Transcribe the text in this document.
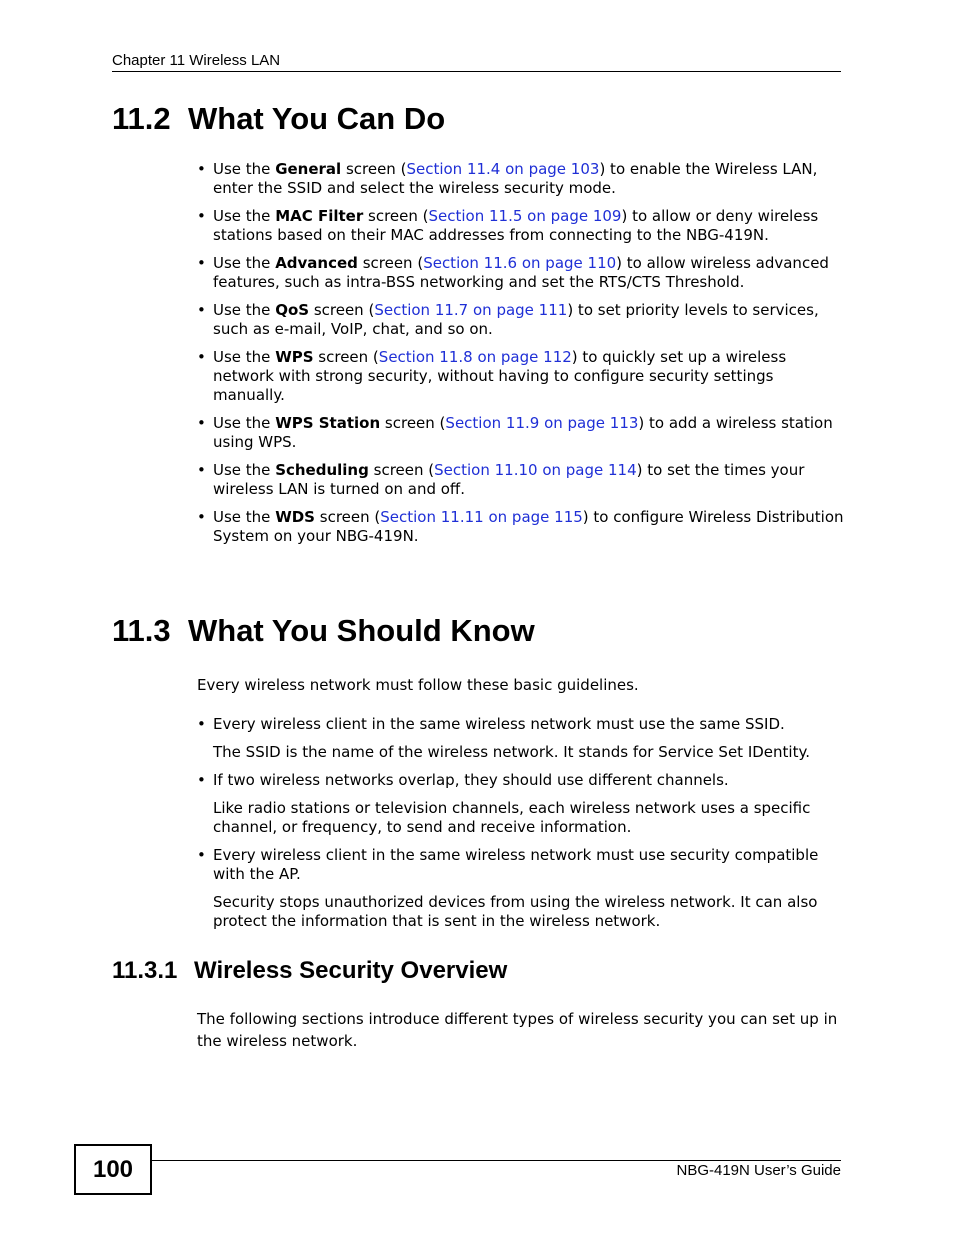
Chapter 11 Wireless LAN
11.2 What You Can Do
• Use the General screen (Section 11.4 on page 103) to enable the Wireless LAN, enter the SSID and select the wireless security mode.
• Use the MAC Filter screen (Section 11.5 on page 109) to allow or deny wireless stations based on their MAC addresses from connecting to the NBG-419N.
• Use the Advanced screen (Section 11.6 on page 110) to allow wireless advanced features, such as intra-BSS networking and set the RTS/CTS Threshold.
• Use the QoS screen (Section 11.7 on page 111) to set priority levels to services, such as e-mail, VoIP, chat, and so on.
• Use the WPS screen (Section 11.8 on page 112) to quickly set up a wireless network with strong security, without having to configure security settings manually.
• Use the WPS Station screen (Section 11.9 on page 113) to add a wireless station using WPS.
• Use the Scheduling screen (Section 11.10 on page 114) to set the times your wireless LAN is turned on and off.
• Use the WDS screen (Section 11.11 on page 115) to configure Wireless Distribution System on your NBG-419N.
11.3 What You Should Know
Every wireless network must follow these basic guidelines.
• Every wireless client in the same wireless network must use the same SSID.
The SSID is the name of the wireless network. It stands for Service Set IDentity.
• If two wireless networks overlap, they should use different channels.
Like radio stations or television channels, each wireless network uses a specific channel, or frequency, to send and receive information.
• Every wireless client in the same wireless network must use security compatible with the AP.
Security stops unauthorized devices from using the wireless network. It can also protect the information that is sent in the wireless network.
11.3.1 Wireless Security Overview
The following sections introduce different types of wireless security you can set up in the wireless network.
100	NBG-419N User’s Guide
